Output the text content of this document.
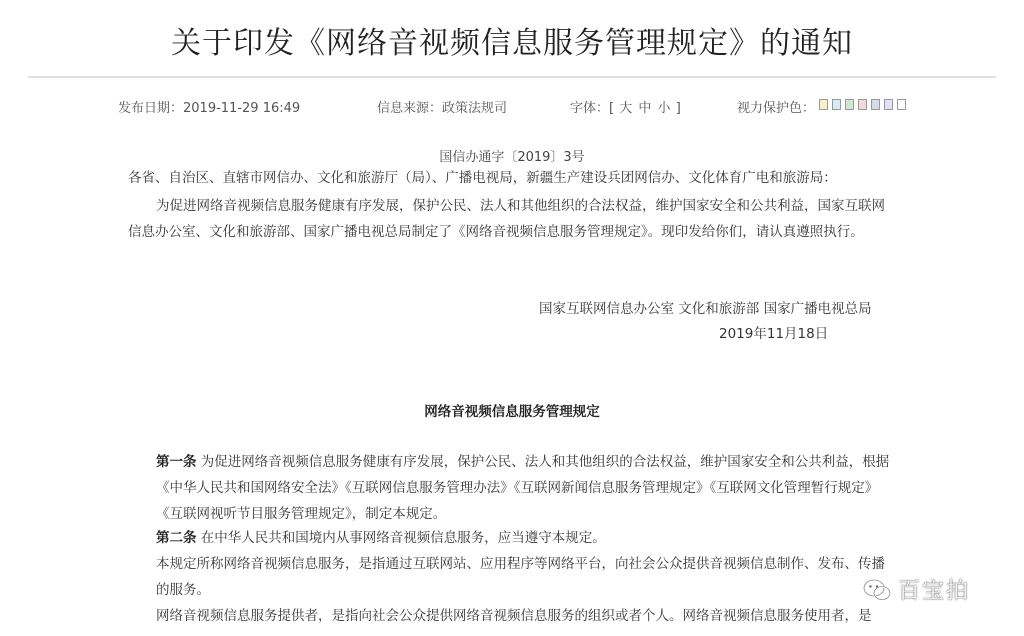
关于印发《网络音视频信息服务管理规定》的通知
发布日期：2019-11-29 16:49	信息来源：政策法规司	字体：[ 大 中 小 ]	视力保护色：
国信办通字〔2019〕3号
各省、自治区、直辖市网信办、文化和旅游厅（局）、广播电视局，新疆生产建设兵团网信办、文化体育广电和旅游局：
为促进网络音视频信息服务健康有序发展，保护公民、法人和其他组织的合法权益，维护国家安全和公共利益，国家互联网信息办公室、文化和旅游部、国家广播电视总局制定了《网络音视频信息服务管理规定》。现印发给你们，请认真遵照执行。
国家互联网信息办公室 文化和旅游部 国家广播电视总局
2019年11月18日
网络音视频信息服务管理规定
第一条 为促进网络音视频信息服务健康有序发展，保护公民、法人和其他组织的合法权益，维护国家安全和公共利益，根据《中华人民共和国网络安全法》《互联网信息服务管理办法》《互联网新闻信息服务管理规定》《互联网文化管理暂行规定》《互联网视听节目服务管理规定》，制定本规定。
第二条 在中华人民共和国境内从事网络音视频信息服务，应当遵守本规定。
本规定所称网络音视频信息服务，是指通过互联网站、应用程序等网络平台，向社会公众提供音视频信息制作、发布、传播的服务。
网络音视频信息服务提供者，是指向社会公众提供网络音视频信息服务的组织或者个人。网络音视频信息服务使用者，是
百宝拍
